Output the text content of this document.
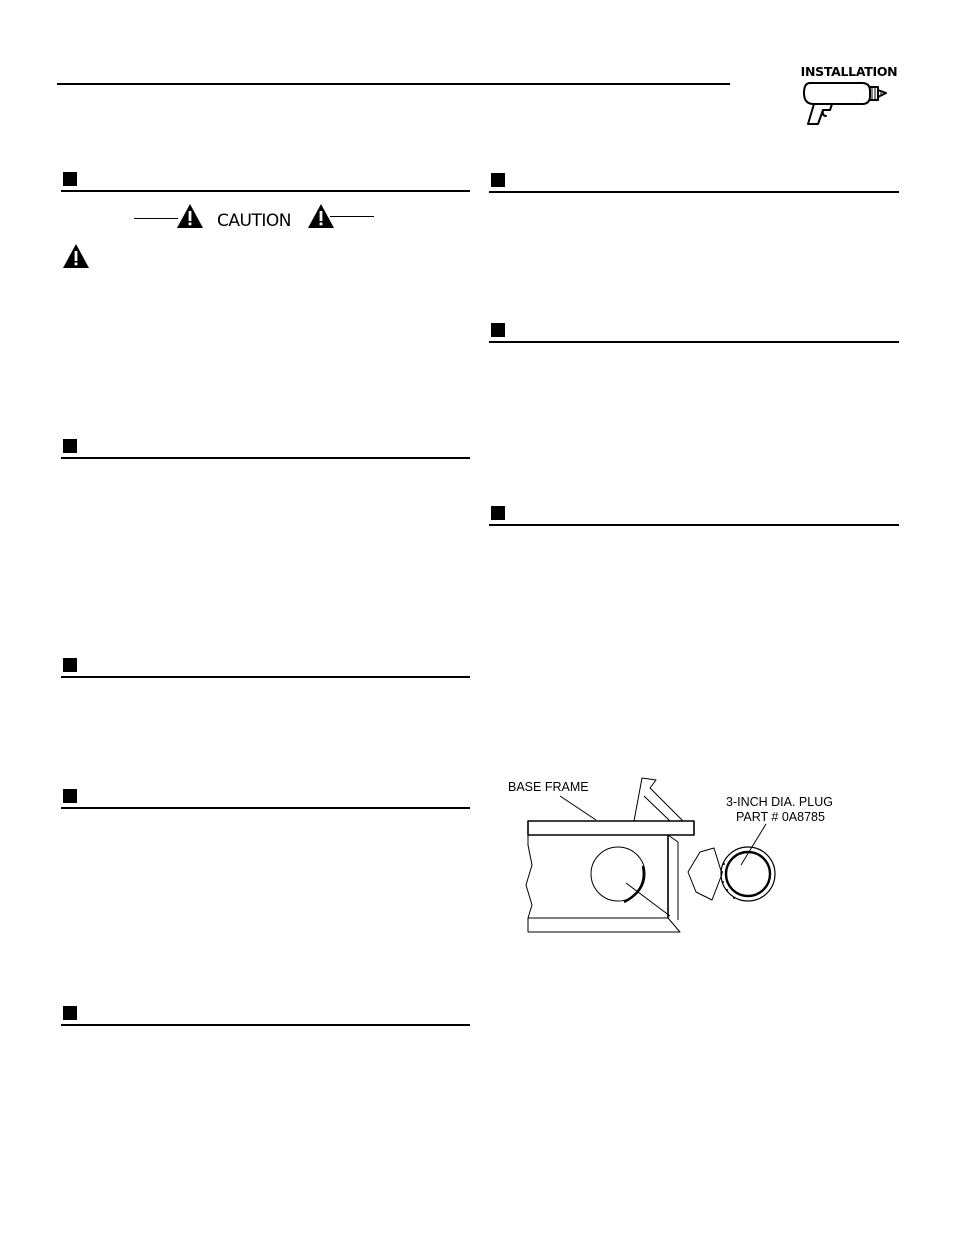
INSTALLATION
CAUTION
BASE FRAME
3-INCH DIA. PLUG
PART # 0A8785
